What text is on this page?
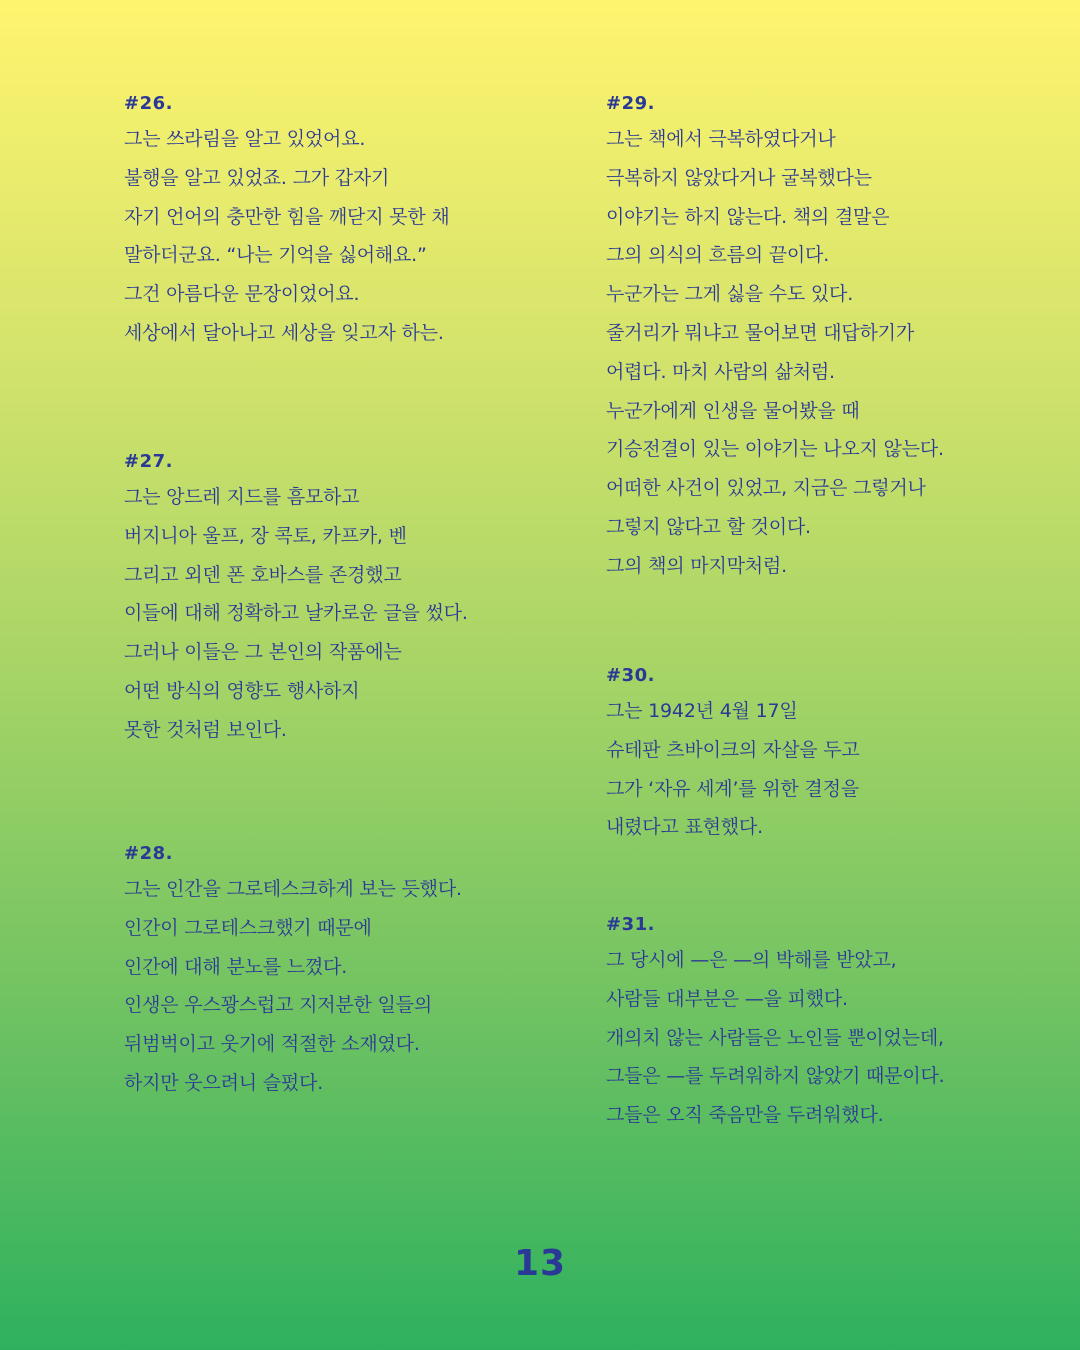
#26.
그는 쓰라림을 알고 있었어요.
불행을 알고 있었죠. 그가 갑자기
자기 언어의 충만한 힘을 깨닫지 못한 채
말하더군요. “나는 기억을 싫어해요.”
그건 아름다운 문장이었어요.
세상에서 달아나고 세상을 잊고자 하는.
#27.
그는 앙드레 지드를 흠모하고
버지니아 울프, 장 콕토, 카프카, 벤
그리고 외덴 폰 호바스를 존경했고
이들에 대해 정확하고 날카로운 글을 썼다.
그러나 이들은 그 본인의 작품에는
어떤 방식의 영향도 행사하지
못한 것처럼 보인다.
#28.
그는 인간을 그로테스크하게 보는 듯했다.
인간이 그로테스크했기 때문에
인간에 대해 분노를 느꼈다.
인생은 우스꽝스럽고 지저분한 일들의
뒤범벅이고 웃기에 적절한 소재였다.
하지만 웃으려니 슬펐다.
#29.
그는 책에서 극복하였다거나
극복하지 않았다거나 굴복했다는
이야기는 하지 않는다. 책의 결말은
그의 의식의 흐름의 끝이다.
누군가는 그게 싫을 수도 있다.
줄거리가 뭐냐고 물어보면 대답하기가
어렵다. 마치 사람의 삶처럼.
누군가에게 인생을 물어봤을 때
기승전결이 있는 이야기는 나오지 않는다.
어떠한 사건이 있었고, 지금은 그렇거나
그렇지 않다고 할 것이다.
그의 책의 마지막처럼.
#30.
그는 1942년 4월 17일
슈테판 츠바이크의 자살을 두고
그가 ‘자유 세계’를 위한 결정을
내렸다고 표현했다.
#31.
그 당시에 —은 —의 박해를 받았고,
사람들 대부분은 —을 피했다.
개의치 않는 사람들은 노인들 뿐이었는데,
그들은 —를 두려워하지 않았기 때문이다.
그들은 오직 죽음만을 두려워했다.
13
